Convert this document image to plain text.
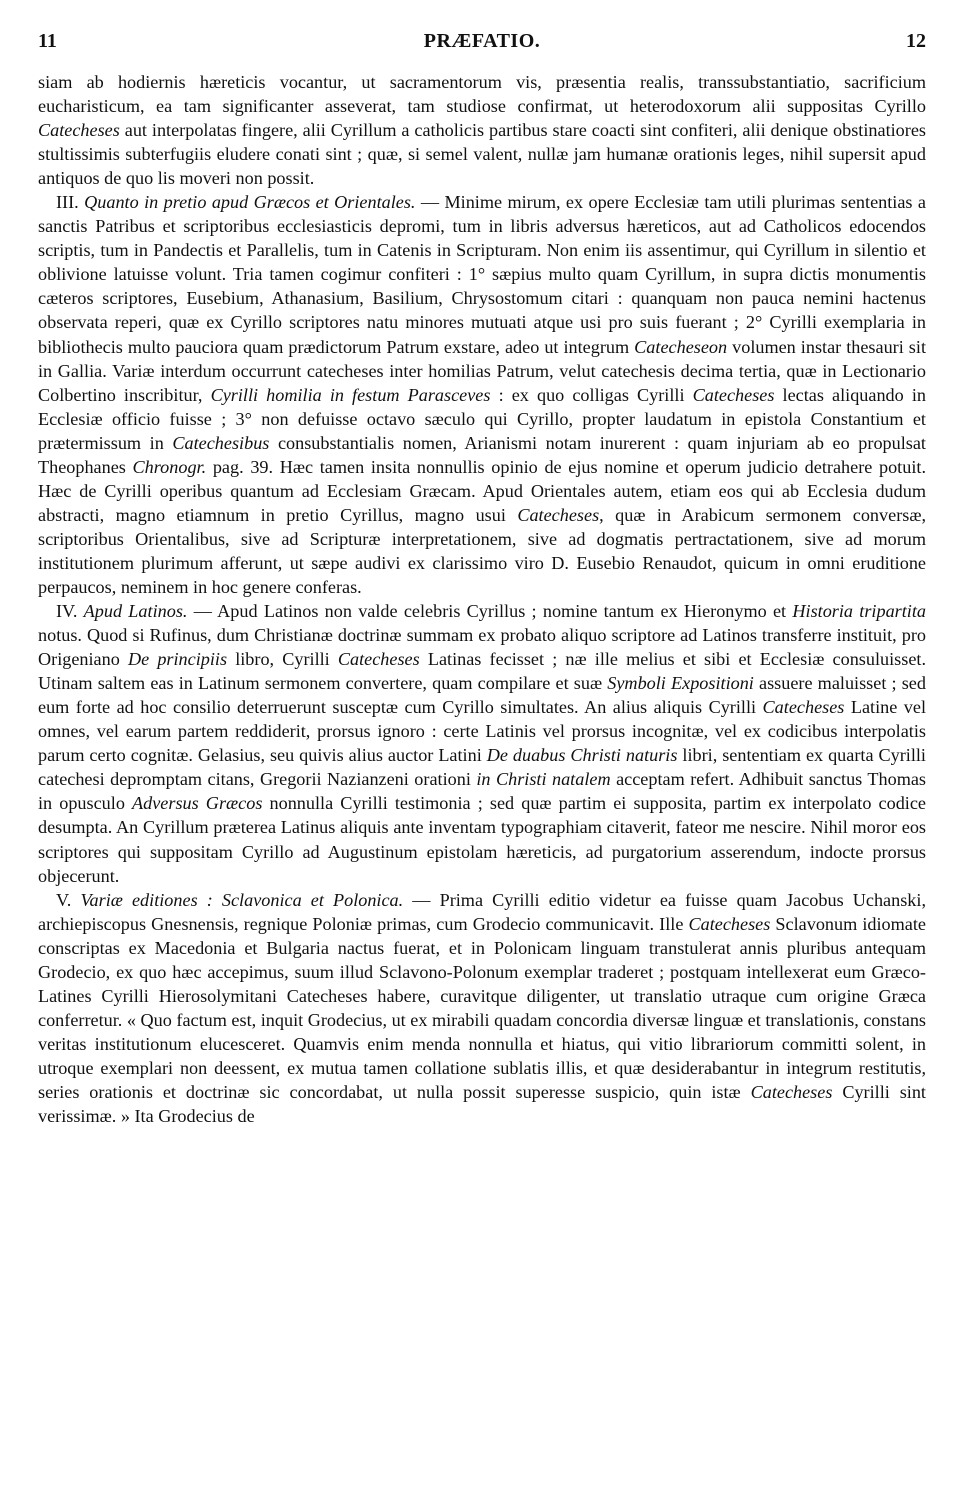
11	PRÆFATIO.	12

siam ab hodiernis hæreticis vocantur, ut sacramentorum vis, præsentia realis, transsubstantiatio, sacrificium eucharisticum, ea tam significanter asseverat, tam studiose confirmat, ut heterodoxorum alii suppositas Cyrillo Catecheses aut interpolatas fingere, alii Cyrillum a catholicis partibus stare coacti sint confiteri, alii denique obstinatiores stultissimis subterfugiis eludere conati sint ; quæ, si semel valent, nullæ jam humanæ orationis leges, nihil supersit apud antiquos de quo lis moveri non possit.

III. Quanto in pretio apud Græcos et Orientales. — Minime mirum, ex opere Ecclesiæ tam utili plurimas sententias a sanctis Patribus et scriptoribus ecclesiasticis depromi, tum in libris adversus hæreticos, aut ad Catholicos edocendos scriptis, tum in Pandectis et Parallelis, tum in Catenis in Scripturam. Non enim iis assentimur, qui Cyrillum in silentio et oblivione latuisse volunt. Tria tamen cogimur confiteri : 1° sæpius multo quam Cyrillum, in supra dictis monumentis cæteros scriptores, Eusebium, Athanasium, Basilium, Chrysostomum citari : quanquam non pauca nemini hactenus observata reperi, quæ ex Cyrillo scriptores natu minores mutuati atque usi pro suis fuerant ; 2° Cyrilli exemplaria in bibliothecis multo pauciora quam prædictorum Patrum exstare, adeo ut integrum Catecheseon volumen instar thesauri sit in Gallia. Variæ interdum occurrunt catecheses inter homilias Patrum, velut catechesis decima tertia, quæ in Lectionario Colbertino inscribitur, Cyrilli homilia in festum Parasceves : ex quo colligas Cyrilli Catecheses lectas aliquando in Ecclesiæ officio fuisse ; 3° non defuisse octavo sæculo qui Cyrillo, propter laudatum in epistola Constantium et prætermissum in Catechesibus consubstantialis nomen, Arianismi notam inurerent : quam injuriam ab eo propulsat Theophanes Chronogr. pag. 39. Hæc tamen insita nonnullis opinio de ejus nomine et operum judicio detrahere potuit. Hæc de Cyrilli operibus quantum ad Ecclesiam Græcam. Apud Orientales autem, etiam eos qui ab Ecclesia dudum abstracti, magno etiamnum in pretio Cyrillus, magno usui Catecheses, quæ in Arabicum sermonem conversæ, scriptoribus Orientalibus, sive ad Scripturæ interpretationem, sive ad dogmatis pertractationem, sive ad morum institutionem plurimum afferunt, ut sæpe audivi ex clarissimo viro D. Eusebio Renaudot, quicum in omni eruditione perpaucos, neminem in hoc genere conferas.

IV. Apud Latinos. — Apud Latinos non valde celebris Cyrillus ; nomine tantum ex Hieronymo et Historia tripartita notus. Quod si Rufinus, dum Christianæ doctrinæ summam ex probato aliquo scriptore ad Latinos transferre instituit, pro Origeniano De principiis libro, Cyrilli Catecheses Latinas fecisset ; næ ille melius et sibi et Ecclesiæ consuluisset. Utinam saltem eas in Latinum sermonem convertere, quam compilare et suæ Symboli Expositioni assuere maluisset ; sed eum forte ad hoc consilio deterruerunt susceptæ cum Cyrillo simultates. An alius aliquis Cyrilli Catecheses Latine vel omnes, vel earum partem reddiderit, prorsus ignoro : certe Latinis vel prorsus incognitæ, vel ex codicibus interpolatis parum certo cognitæ. Gelasius, seu quivis alius auctor Latini De duabus Christi naturis libri, sententiam ex quarta Cyrilli catechesi depromptam citans, Gregorii Nazianzeni orationi in Christi natalem acceptam refert. Adhibuit sanctus Thomas in opusculo Adversus Græcos nonnulla Cyrilli testimonia ; sed quæ partim ei supposita, partim ex interpolato codice desumpta. An Cyrillum præterea Latinus aliquis ante inventam typographiam citaverit, fateor me nescire. Nihil moror eos scriptores qui suppositam Cyrillo ad Augustinum epistolam hæreticis, ad purgatorium asserendum, indocte prorsus objecerunt.

V. Variæ editiones : Sclavonica et Polonica. — Prima Cyrilli editio videtur ea fuisse quam Jacobus Uchanski, archiepiscopus Gnesnensis, regnique Poloniæ primas, cum Grodecio communicavit. Ille Catecheses Sclavonum idiomate conscriptas ex Macedonia et Bulgaria nactus fuerat, et in Polonicam linguam transtulerat annis pluribus antequam Grodecio, ex quo hæc accepimus, suum illud Sclavono-Polonum exemplar traderet ; postquam intellexerat eum Græco-Latines Cyrilli Hierosolymitani Catecheses habere, curavitque diligenter, ut translatio utraque cum origine Græca conferretur. « Quo factum est, inquit Grodecius, ut ex mirabili quadam concordia diversæ linguæ et translationis, constans veritas institutionum elucesceret. Quamvis enim menda nonnulla et hiatus, qui vitio librariorum committi solent, in utroque exemplari non deessent, ex mutua tamen collatione sublatis illis, et quæ desiderabantur in integrum restitutis, series orationis et doctrinæ sic concordabat, ut nulla possit superesse suspicio, quin istæ Catecheses Cyrilli sint verissimæ. » Ita Grodecius de
